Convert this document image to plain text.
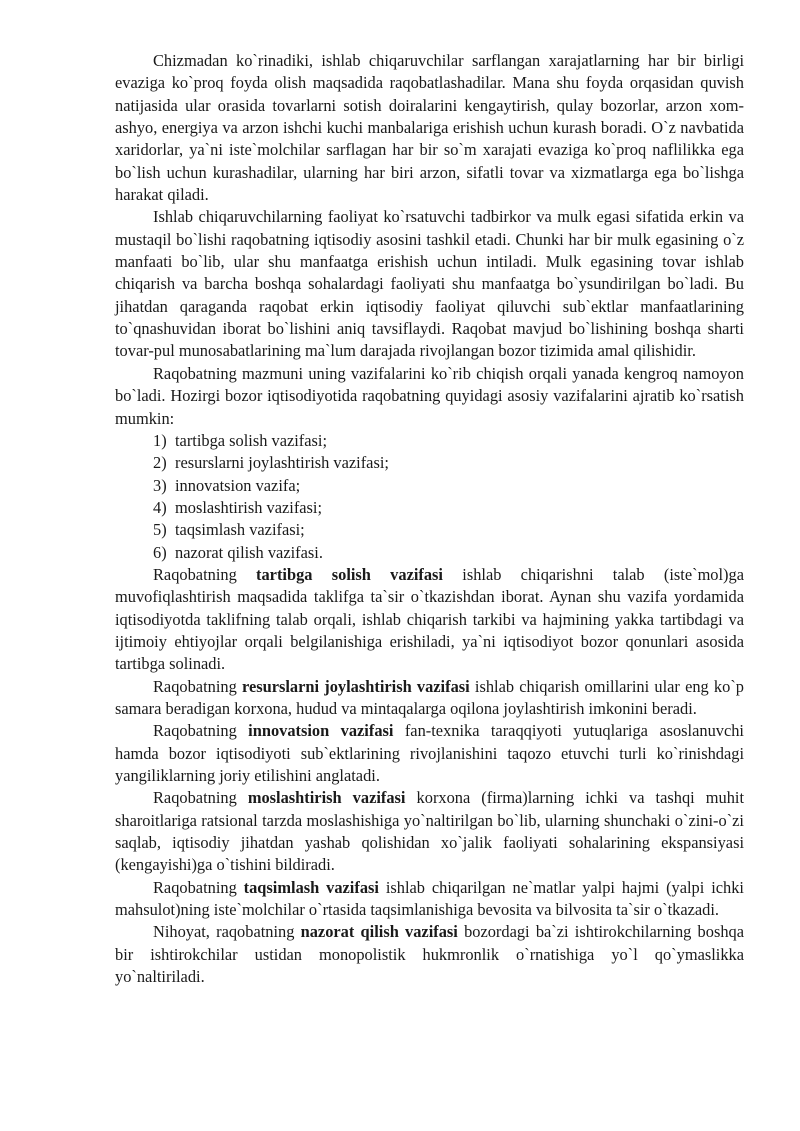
Chizmadan ko`rinadiki, ishlab chiqaruvchilar sarflangan xarajatlarning har bir birligi evaziga ko`proq foyda olish maqsadida raqobatlashadilar. Mana shu foyda orqasidan quvish natijasida ular orasida tovarlarni sotish doiralarini kengaytirish, qulay bozorlar, arzon xom-ashyo, energiya va arzon ishchi kuchi manbalariga erishish uchun kurash boradi. O`z navbatida xaridorlar, ya`ni iste`molchilar sarflagan har bir so`m xarajati evaziga ko`proq naflilikka ega bo`lish uchun kurashadilar, ularning har biri arzon, sifatli tovar va xizmatlarga ega bo`lishga harakat qiladi.

Ishlab chiqaruvchilarning faoliyat ko`rsatuvchi tadbirkor va mulk egasi sifatida erkin va mustaqil bo`lishi raqobatning iqtisodiy asosini tashkil etadi. Chunki har bir mulk egasining o`z manfaati bo`lib, ular shu manfaatga erishish uchun intiladi. Mulk egasining tovar ishlab chiqarish va barcha boshqa sohalardagi faoliyati shu manfaatga bo`ysundirilgan bo`ladi. Bu jihatdan qaraganda raqobat erkin iqtisodiy faoliyat qiluvchi sub`ektlar manfaatlarining to`qnashuvidan iborat bo`lishini aniq tavsiflaydi. Raqobat mavjud bo`lishining boshqa sharti tovar-pul munosabatlarining ma`lum darajada rivojlangan bozor tizimida amal qilishidir.

Raqobatning mazmuni uning vazifalarini ko`rib chiqish orqali yanada kengroq namoyon bo`ladi. Hozirgi bozor iqtisodiyotida raqobatning quyidagi asosiy vazifalarini ajratib ko`rsatish mumkin:

1) tartibga solish vazifasi;
2) resurslarni joylashtirish vazifasi;
3) innovatsion vazifa;
4) moslashtirish vazifasi;
5) taqsimlash vazifasi;
6) nazorat qilish vazifasi.

Raqobatning tartibga solish vazifasi ishlab chiqarishni talab (iste`mol)ga muvofiqlashtirish maqsadida taklifga ta`sir o`tkazishdan iborat. Aynan shu vazifa yordamida iqtisodiyotda taklifning talab orqali, ishlab chiqarish tarkibi va hajmining yakka tartibdagi va ijtimoiy ehtiyojlar orqali belgilanishiga erishiladi, ya`ni iqtisodiyot bozor qonunlari asosida tartibga solinadi.

Raqobatning resurslarni joylashtirish vazifasi ishlab chiqarish omillarini ular eng ko`p samara beradigan korxona, hudud va mintaqalarga oqilona joylashtirish imkonini beradi.

Raqobatning innovatsion vazifasi fan-texnika taraqqiyoti yutuqlariga asoslanuvchi hamda bozor iqtisodiyoti sub`ektlarining rivojlanishini taqozo etuvchi turli ko`rinishdagi yangiliklarning joriy etilishini anglatadi.

Raqobatning moslashtirish vazifasi korxona (firma)larning ichki va tashqi muhit sharoitlariga ratsional tarzda moslashishiga yo`naltirilgan bo`lib, ularning shunchaki o`zini-o`zi saqlab, iqtisodiy jihatdan yashab qolishidan xo`jalik faoliyati sohalarining ekspansiyasi (kengayishi)ga o`tishini bildiradi.

Raqobatning taqsimlash vazifasi ishlab chiqarilgan ne`matlar yalpi hajmi (yalpi ichki mahsulot)ning iste`molchilar o`rtasida taqsimlanishiga bevosita va bilvosita ta`sir o`tkazadi.

Nihoyat, raqobatning nazorat qilish vazifasi bozordagi ba`zi ishtirokchilarning boshqa bir ishtirokchilar ustidan monopolistik hukmronlik o`rnatishiga yo`l qo`ymaslikka yo`naltiriladi.
